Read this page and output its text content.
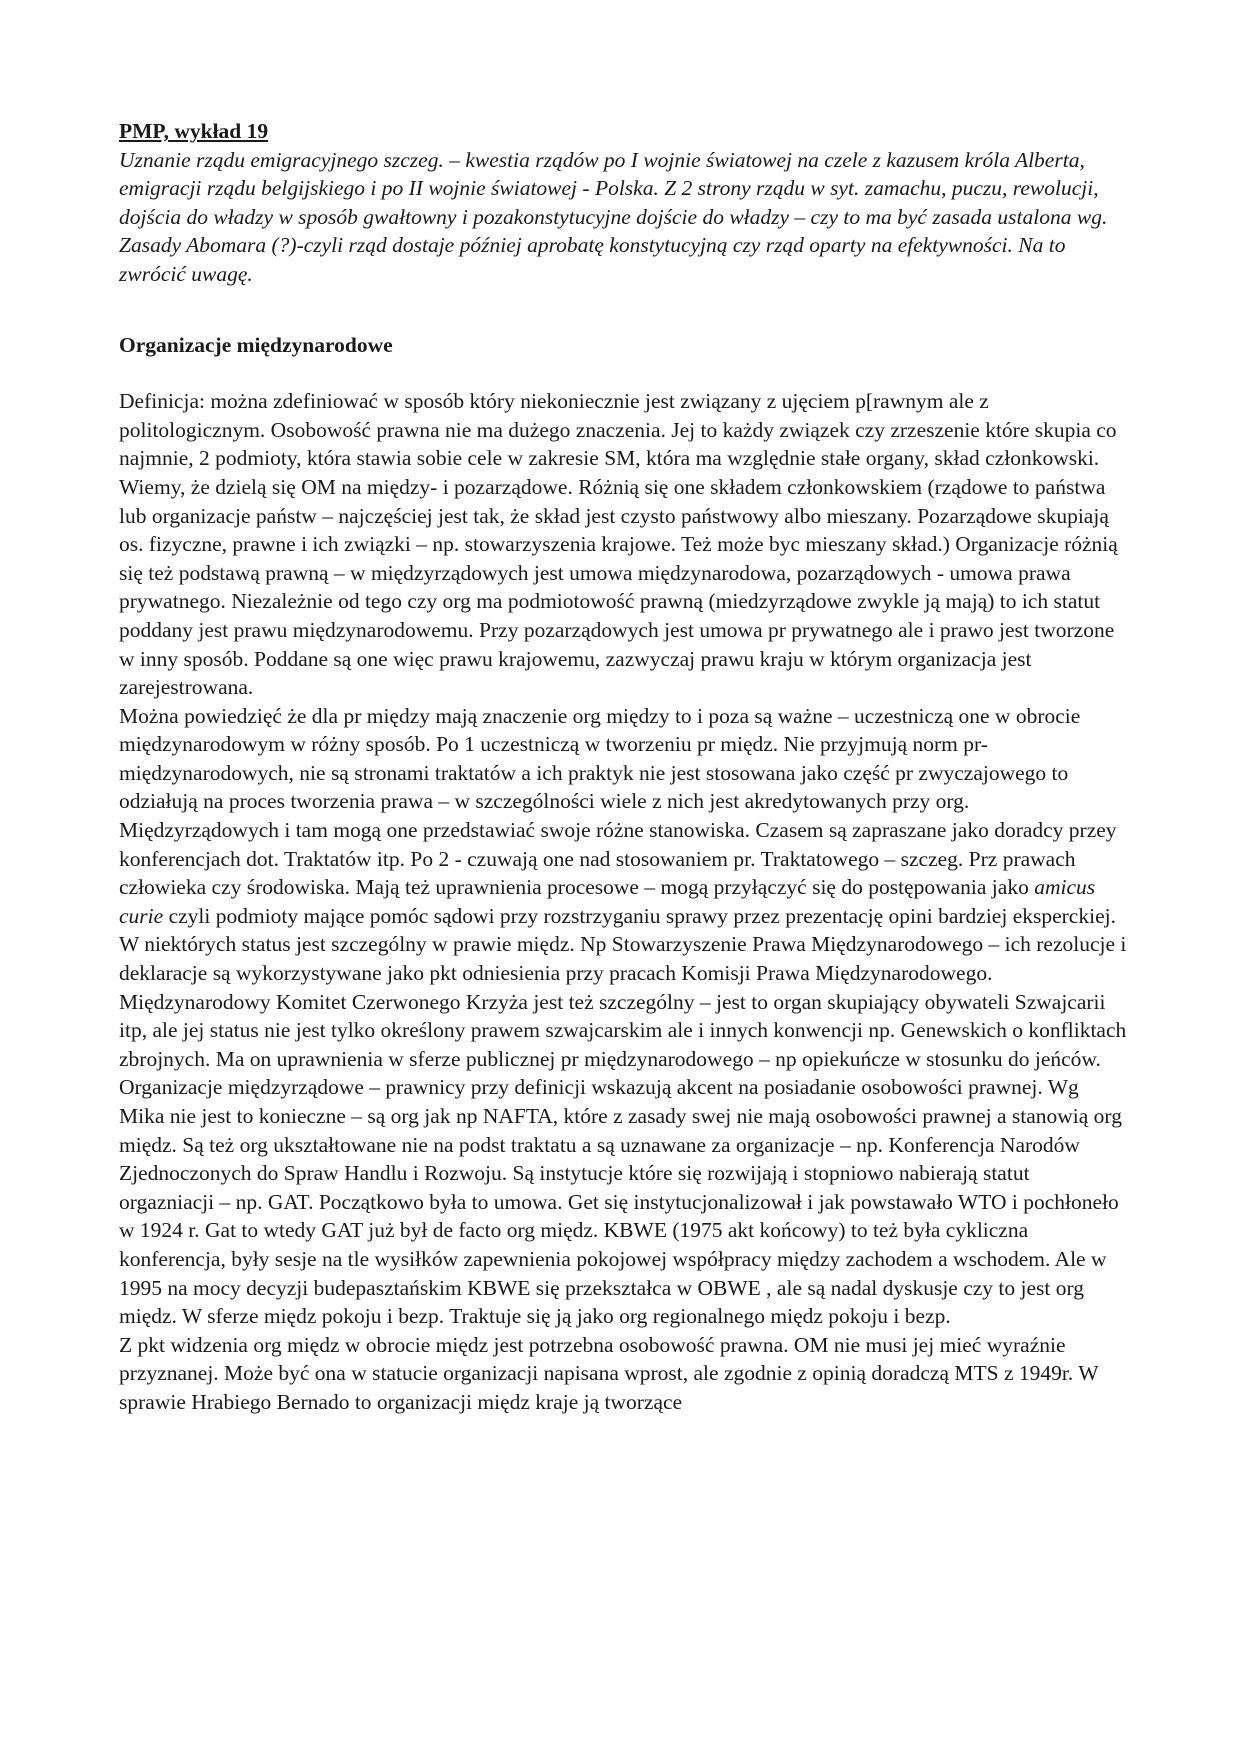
PMP, wykład 19

Uznanie rządu emigracyjnego szczeg. – kwestia rządów po I wojnie światowej na czele z kazusem króla Alberta, emigracji rządu belgijskiego i po II wojnie światowej - Polska. Z 2 strony rządu w syt. zamachu, puczu, rewolucji, dojścia do władzy w sposób gwałtowny i pozakonstytucyjne dojście do władzy – czy to ma być zasada ustalona wg. Zasady Abomara (?)-czyli rząd dostaje później aprobatę konstytucyjną czy rząd oparty na efektywności. Na to zwrócić uwagę.

Organizacje międzynarodowe

Definicja: można zdefiniować w sposób który niekoniecznie jest związany z ujęciem p[rawnym ale z politologicznym. Osobowość prawna nie ma dużego znaczenia. Jej to każdy związek czy zrzeszenie które skupia co najmnie, 2 podmioty, która stawia sobie cele w zakresie SM, która ma względnie stałe organy, skład członkowski. Wiemy, że dzielą się OM na między- i pozarządowe. Różnią się one składem członkowskiem (rządowe to państwa lub organizacje państw – najczęściej jest tak, że skład jest czysto państwowy albo mieszany. Pozarządowe skupiają os. fizyczne, prawne i ich związki – np. stowarzyszenia krajowe. Też może byc mieszany skład.) Organizacje różnią się też podstawą prawną – w międzyrządowych jest umowa międzynarodowa, pozarządowych - umowa prawa prywatnego. Niezależnie od tego czy org ma podmiotowość prawną (miedzyrządowe zwykle ją mają) to ich statut poddany jest prawu międzynarodowemu. Przy pozarządowych jest umowa pr prywatnego ale i prawo jest tworzone w inny sposób. Poddane są one więc prawu krajowemu, zazwyczaj prawu kraju w którym organizacja jest zarejestrowana.

Można powiedzięć że dla pr między mają znaczenie org między to i poza są ważne – uczestniczą one w obrocie międzynarodowym w różny sposób. Po 1 uczestniczą w tworzeniu pr międz. Nie przyjmują norm pr-międzynarodowych, nie są stronami traktatów a ich praktyk nie jest stosowana jako część pr zwyczajowego to odziałują na proces tworzenia prawa – w szczególności wiele z nich jest akredytowanych przy org. Międzyrządowych i tam mogą one przedstawiać swoje różne stanowiska. Czasem są zapraszane jako doradcy przey konferencjach dot. Traktatów itp. Po 2 - czuwają one nad stosowaniem pr. Traktatowego – szczeg. Prz prawach człowieka czy środowiska. Mają też uprawnienia procesowe – mogą przyłączyć się do postępowania jako amicus curie czyli podmioty mające pomóc sądowi przy rozstrzyganiu sprawy przez prezentację opini bardziej eksperckiej. W niektórych status jest szczególny w prawie międz. Np Stowarzyszenie Prawa Międzynarodowego – ich rezolucje i deklaracje są wykorzystywane jako pkt odniesienia przy pracach Komisji Prawa Międzynarodowego.

Międzynarodowy Komitet Czerwonego Krzyża jest też szczególny – jest to organ skupiający obywateli Szwajcarii itp, ale jej status nie jest tylko określony prawem szwajcarskim ale i innych konwencji np. Genewskich o konfliktach zbrojnych. Ma on uprawnienia w sferze publicznej pr międzynarodowego – np opiekuńcze w stosunku do jeńców.

Organizacje międzyrządowe – prawnicy przy definicji wskazują akcent na posiadanie osobowości prawnej. Wg Mika nie jest to konieczne – są org jak np NAFTA, które z zasady swej nie mają osobowości prawnej a stanowią org międz. Są też org ukształtowane nie na podst traktatu a są uznawane za organizacje – np. Konferencja Narodów Zjednoczonych do Spraw Handlu i Rozwoju. Są instytucje które się rozwijają i stopniowo nabierają statut orgazniacji – np. GAT. Początkowo była to umowa. Get się instytucjonalizował i jak powstawało WTO i pochłoneło w 1924 r. Gat to wtedy GAT już był de facto org międz. KBWE (1975 akt końcowy) to też była cykliczna konferencja, były sesje na tle wysiłków zapewnienia pokojowej współpracy między zachodem a wschodem. Ale w 1995 na mocy decyzji budepasztańskim KBWE się przekształca w OBWE , ale są nadal dyskusje czy to jest org międz. W sferze międz pokoju i bezp. Traktuje się ją jako org regionalnego międz pokoju i bezp.

Z pkt widzenia org międz w obrocie międz jest potrzebna osobowość prawna. OM nie musi jej mieć wyraźnie przyznanej. Może być ona w statucie organizacji napisana wprost, ale zgodnie z opinią doradczą MTS z 1949r. W sprawie Hrabiego Bernado to organizacji międz kraje ją tworzące
